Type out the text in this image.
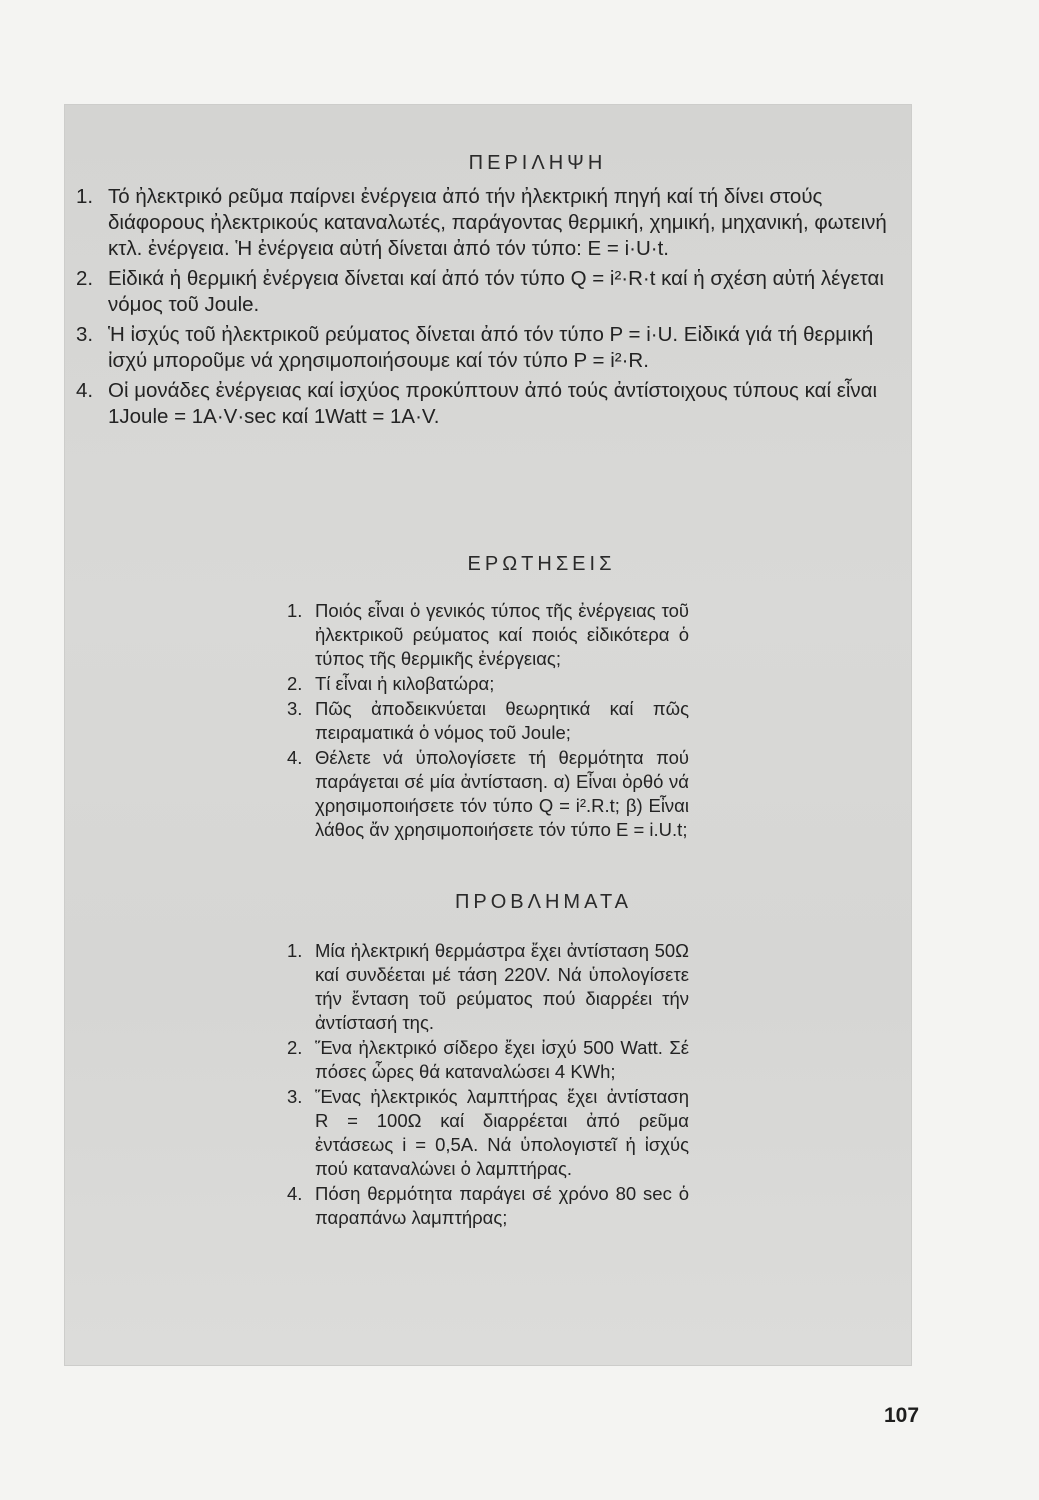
ΠΕΡΙΛΗΨΗ
1. Τό ἠλεκτρικό ρεῦμα παίρνει ἐνέργεια ἀπό τήν ἠλεκτρική πηγή καί τή δίνει στούς διάφορους ἠλεκτρικούς καταναλωτές, παράγοντας θερμική, χημική, μηχανική, φωτεινή κτλ. ἐνέργεια. Ἡ ἐνέργεια αὐτή δίνεται ἀπό τόν τύπο: E = i·U·t.
2. Εἰδικά ἡ θερμική ἐνέργεια δίνεται καί ἀπό τόν τύπο Q = i²·R·t καί ἡ σχέση αὐτή λέγεται νόμος τοῦ Joule.
3. Ἡ ἰσχύς τοῦ ἠλεκτρικοῦ ρεύματος δίνεται ἀπό τόν τύπο P = i·U. Εἰδικά γιά τή θερμική ἰσχύ μποροῦμε νά χρησιμοποιήσουμε καί τόν τύπο P = i²·R.
4. Οἱ μονάδες ἐνέργειας καί ἰσχύος προκύπτουν ἀπό τούς ἀντίστοιχους τύπους καί εἶναι 1Joule = 1A·V·sec καί 1Watt = 1A·V.
ΕΡΩΤΗΣΕΙΣ
1. Ποιός εἶναι ὁ γενικός τύπος τῆς ἐνέργειας τοῦ ἠλεκτρικοῦ ρεύματος καί ποιός εἰδικότερα ὁ τύπος τῆς θερμικῆς ἐνέργειας;
2. Τί εἶναι ἡ κιλοβατώρα;
3. Πῶς ἀποδεικνύεται θεωρητικά καί πῶς πειραματικά ὁ νόμος τοῦ Joule;
4. Θέλετε νά ὑπολογίσετε τή θερμότητα πού παράγεται σέ μία ἀντίσταση. α) Εἶναι ὀρθό νά χρησιμοποιήσετε τόν τύπο Q = i².R.t; β) Εἶναι λάθος ἄν χρησιμοποιήσετε τόν τύπο E = i.U.t;
ΠΡΟΒΛΗΜΑΤΑ
1. Μία ἠλεκτρική θερμάστρα ἔχει ἀντίσταση 50Ω καί συνδέεται μέ τάση 220V. Νά ὑπολογίσετε τήν ἔνταση τοῦ ρεύματος πού διαρρέει τήν ἀντίστασή της.
2. Ἕνα ἠλεκτρικό σίδερο ἔχει ἰσχύ 500 Watt. Σέ πόσες ὧρες θά καταναλώσει 4 KWh;
3. Ἕνας ἠλεκτρικός λαμπτήρας ἔχει ἀντίσταση R = 100Ω καί διαρρέεται ἀπό ρεῦμα ἐντάσεως i = 0,5A. Νά ὑπολογιστεῖ ἡ ἰσχύς πού καταναλώνει ὁ λαμπτήρας.
4. Πόση θερμότητα παράγει σέ χρόνο 80 sec ὁ παραπάνω λαμπτήρας;
107
